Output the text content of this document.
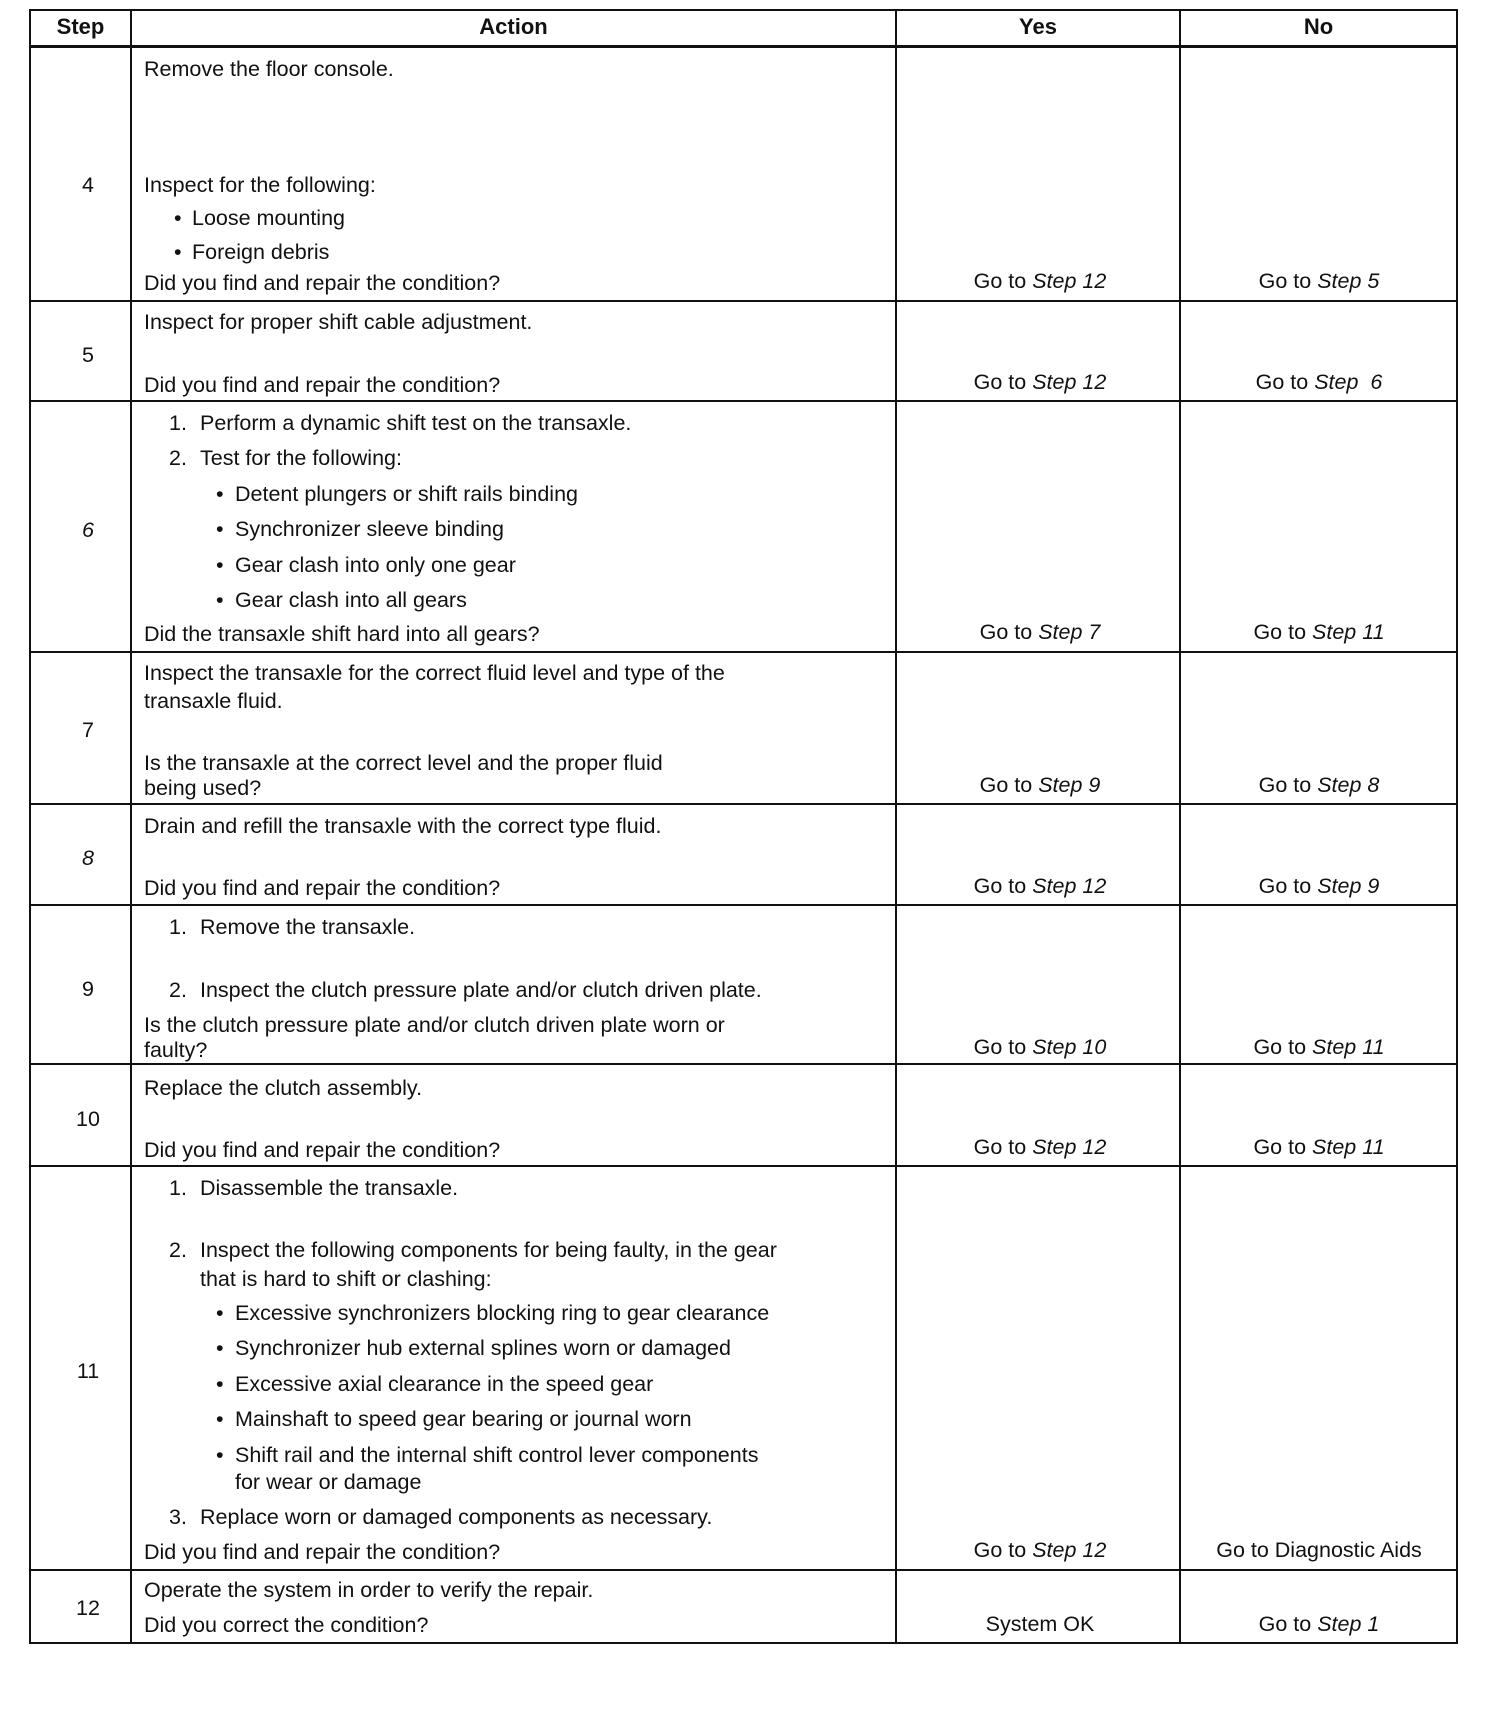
Step	Action	Yes	No
4
Remove the floor console.
Inspect for the following:
• Loose mounting
• Foreign debris
Did you find and repair the condition?	Go to Step 12	Go to Step 5
5
Inspect for proper shift cable adjustment.
Did you find and repair the condition?	Go to Step 12	Go to Step  6
6
1. Perform a dynamic shift test on the transaxle.
2. Test for the following:
• Detent plungers or shift rails binding
• Synchronizer sleeve binding
• Gear clash into only one gear
• Gear clash into all gears
Did the transaxle shift hard into all gears?	Go to Step 7	Go to Step 11
7
Inspect the transaxle for the correct fluid level and type of the
transaxle fluid.
Is the transaxle at the correct level and the proper fluid
being used?	Go to Step 9	Go to Step 8
8
Drain and refill the transaxle with the correct type fluid.
Did you find and repair the condition?	Go to Step 12	Go to Step 9
9
1. Remove the transaxle.
2. Inspect the clutch pressure plate and/or clutch driven plate.
Is the clutch pressure plate and/or clutch driven plate worn or
faulty?	Go to Step 10	Go to Step 11
10
Replace the clutch assembly.
Did you find and repair the condition?	Go to Step 12	Go to Step 11
11
1. Disassemble the transaxle.
2. Inspect the following components for being faulty, in the gear
that is hard to shift or clashing:
• Excessive synchronizers blocking ring to gear clearance
• Synchronizer hub external splines worn or damaged
• Excessive axial clearance in the speed gear
• Mainshaft to speed gear bearing or journal worn
• Shift rail and the internal shift control lever components
for wear or damage
3. Replace worn or damaged components as necessary.
Did you find and repair the condition?	Go to Step 12	Go to Diagnostic Aids
12
Operate the system in order to verify the repair.
Did you correct the condition?	System OK	Go to Step 1
